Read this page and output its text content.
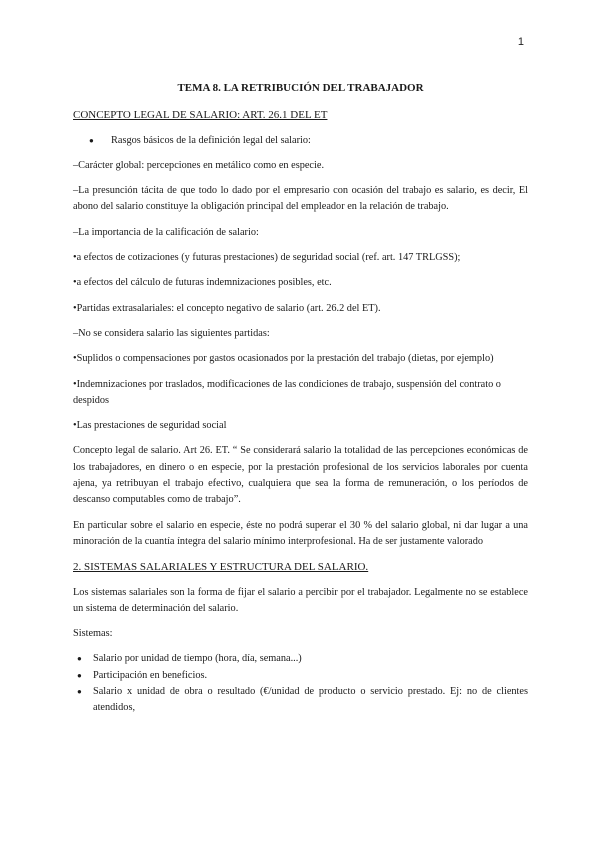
1
TEMA 8. LA RETRIBUCIÓN DEL TRABAJADOR
CONCEPTO LEGAL DE SALARIO: ART. 26.1 DEL ET
● Rasgos básicos de la definición legal del salario:

–Carácter global: percepciones en metálico como en especie.

–La presunción tácita de que todo lo dado por el empresario con ocasión del trabajo es salario, es decir, El abono del salario constituye la obligación principal del empleador en la relación de trabajo.

–La importancia de la calificación de salario:

•a efectos de cotizaciones (y futuras prestaciones) de seguridad social (ref. art. 147 TRLGSS);

•a efectos del cálculo de futuras indemnizaciones posibles, etc.

•Partidas extrasalariales: el concepto negativo de salario (art. 26.2 del ET).

–No se considera salario las siguientes partidas:

•Suplidos o compensaciones por gastos ocasionados por la prestación del trabajo (dietas, por ejemplo)

•Indemnizaciones por traslados, modificaciones de las condiciones de trabajo, suspensión del contrato o despidos

•Las prestaciones de seguridad social

Concepto legal de salario. Art 26. ET. “ Se considerará salario la totalidad de las percepciones económicas de los trabajadores, en dinero o en especie, por la prestación profesional de los servicios laborales por cuenta ajena, ya retribuyan el trabajo efectivo, cualquiera que sea la forma de remuneración, o los períodos de descanso computables como de trabajo”.

En particular sobre el salario en especie, éste no podrá superar el 30 % del salario global, ni dar lugar a una minoración de la cuantía íntegra del salario mínimo interprofesional. Ha de ser justamente valorado

2. SISTEMAS SALARIALES Y ESTRUCTURA DEL SALARIO.

Los sistemas salariales son la forma de fijar el salario a percibir por el trabajador. Legalmente no se establece un sistema de determinación del salario.

Sistemas:

● Salario por unidad de tiempo (hora, día, semana...)
● Participación en beneficios.
● Salario x unidad de obra o resultado (€/unidad de producto o servicio prestado. Ej: no de clientes atendidos,
